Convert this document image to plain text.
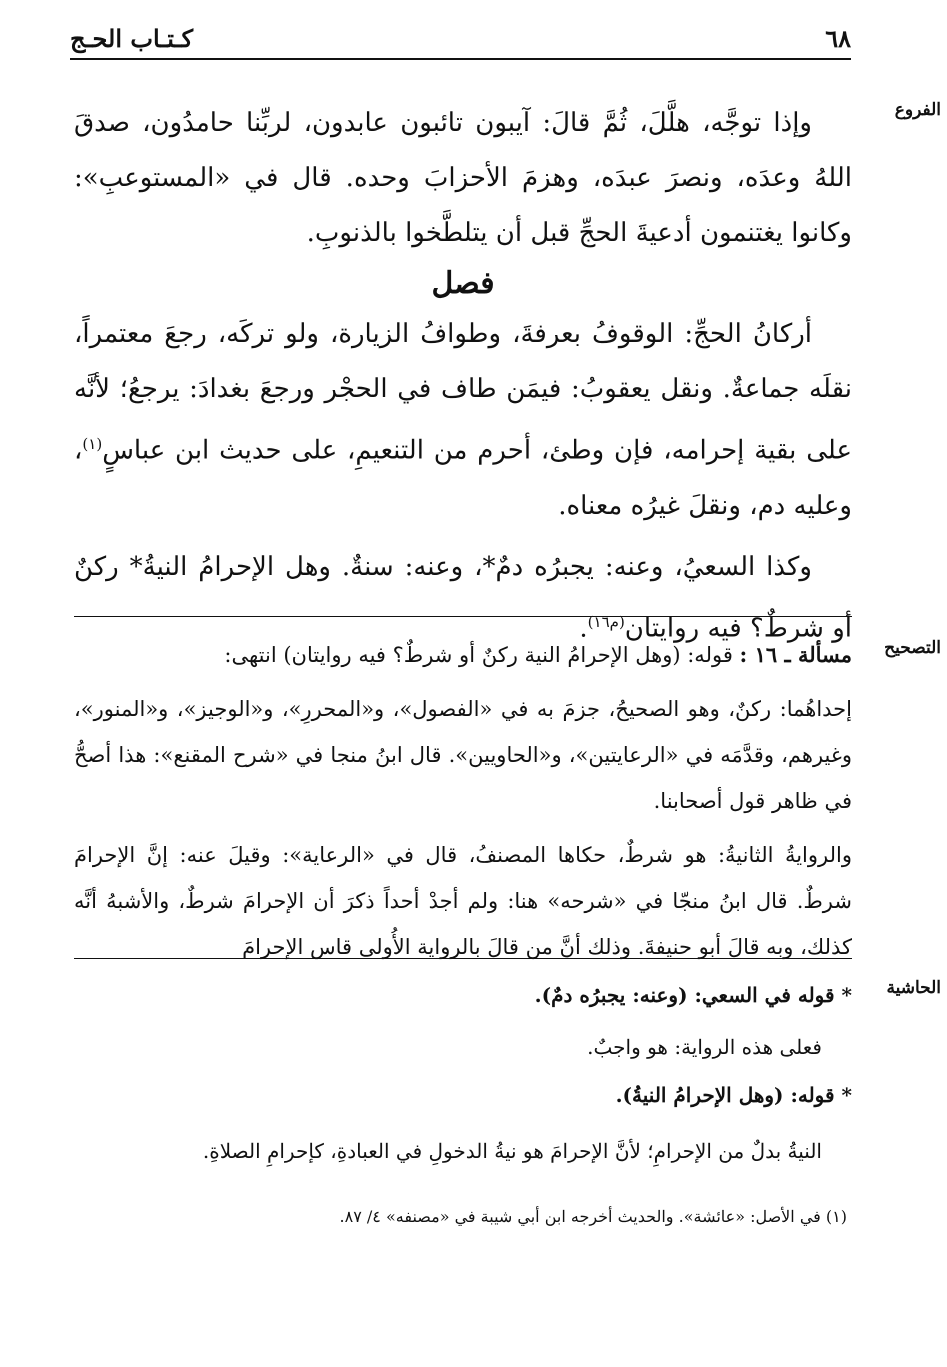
٦٨
كـتـاب الحـج
الفروع

وإذا توجَّه، هلَّلَ، ثُمَّ قالَ: آيبون تائبون عابدون، لربِّنا حامدُون، صدقَ اللهُ وعدَه، ونصرَ عبدَه، وهزمَ الأحزابَ وحده. قال في «المستوعبِ»: وكانوا يغتنمون أدعيةَ الحجِّ قبل أن يتلطَّخوا بالذنوبِ.

فصل

أركانُ الحجِّ: الوقوفُ بعرفةَ، وطوافُ الزيارة، ولو تركَه، رجعَ معتمراً، نقلَه جماعةٌ. ونقل يعقوبُ: فيمَن طاف في الحجْر ورجعَ بغدادَ: يرجعُ؛ لأنَّه على بقية إحرامه، فإن وطئ، أحرم من التنعيمِ، على حديث ابن عباسٍ$^{(١)}$، وعليه دم، ونقلَ غيرُه معناه.

وكذا السعيُ، وعنه: يجبرُه دمٌ*، وعنه: سنةٌ. وهل الإحرامُ النيةُ* ركنٌ أو شرطٌ؟ فيه روايتان$^{(م١٦)}$.

التصحيح

مسألة ـ ١٦ : قوله: (وهل الإحرامُ النية ركنٌ أو شرطٌ؟ فيه روايتان) انتهى:

إحداهُما: ركنٌ، وهو الصحيحُ، جزمَ به في «الفصول»، و«المحررِ»، و«الوجيز»، و«المنور»، وغيرهم، وقدَّمَه في «الرعايتين»، و«الحاويين». قال ابنُ منجا في «شرح المقنع»: هذا أصحُّ في ظاهر قول أصحابنا.

والروايةُ الثانيةُ: هو شرطٌ، حكاها المصنفُ، قال في «الرعاية»: وقيلَ عنه: إنَّ الإحرامَ شرطٌ. قال ابنُ منجّا في «شرحه» هنا: ولم أجدْ أحداً ذكرَ أن الإحرامَ شرطٌ، والأشبهُ أنَّه كذلك، وبه قالَ أبو حنيفةَ. وذلك أنَّ من قالَ بالرواية الأُولى قاس الإحرامَ

الحاشية

* قوله في السعي: (وعنه: يجبرُه دمٌ).

فعلى هذه الرواية: هو واجبٌ.

* قوله: (وهل الإحرامُ النيةُ).

النيةُ بدلٌ من الإحرامِ؛ لأنَّ الإحرامَ هو نيةُ الدخولِ في العبادةِ، كإحرامِ الصلاةِ.

(١) في الأصل: «عائشة». والحديث أخرجه ابن أبي شيبة في «مصنفه» ٤/ ٨٧.
